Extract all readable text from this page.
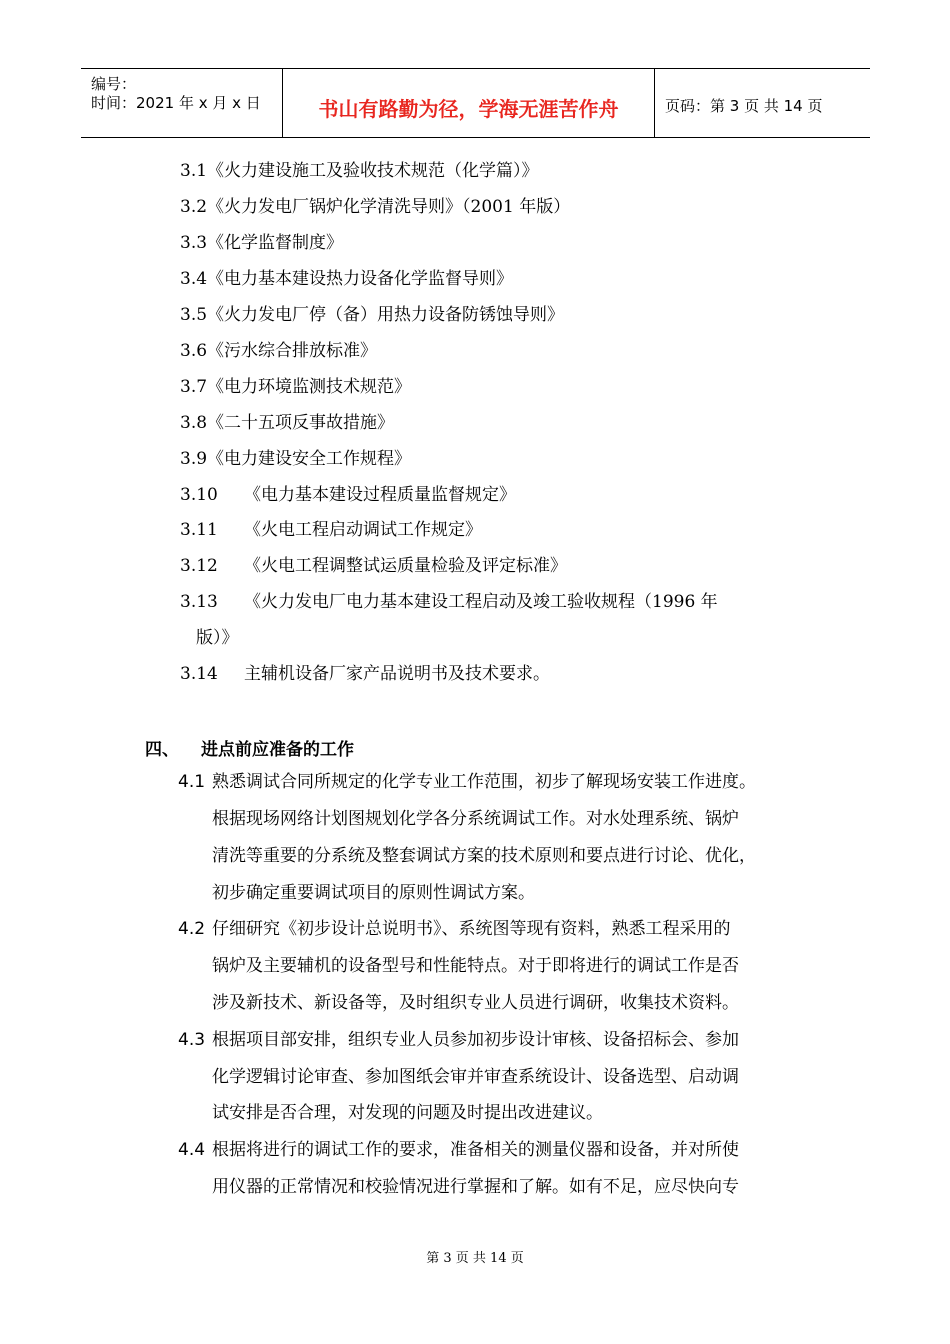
编号：
时间：2021 年 x 月 x 日	书山有路勤为径，学海无涯苦作舟	页码：第 3 页 共 14 页
3.1《火力建设施工及验收技术规范（化学篇）》
3.2《火力发电厂锅炉化学清洗导则》（2001 年版）
3.3《化学监督制度》
3.4《电力基本建设热力设备化学监督导则》
3.5《火力发电厂停（备）用热力设备防锈蚀导则》
3.6《污水综合排放标准》
3.7《电力环境监测技术规范》
3.8《二十五项反事故措施》
3.9《电力建设安全工作规程》
3.10 《电力基本建设过程质量监督规定》
3.11 《火电工程启动调试工作规定》
3.12 《火电工程调整试运质量检验及评定标准》
3.13 《火力发电厂电力基本建设工程启动及竣工验收规程（1996 年
版）》
3.14 主辅机设备厂家产品说明书及技术要求。
四、 进点前应准备的工作
4.1 熟悉调试合同所规定的化学专业工作范围，初步了解现场安装工作进度。
根据现场网络计划图规划化学各分系统调试工作。对水处理系统、锅炉
清洗等重要的分系统及整套调试方案的技术原则和要点进行讨论、优化，
初步确定重要调试项目的原则性调试方案。
4.2 仔细研究《初步设计总说明书》、系统图等现有资料，熟悉工程采用的
锅炉及主要辅机的设备型号和性能特点。对于即将进行的调试工作是否
涉及新技术、新设备等，及时组织专业人员进行调研，收集技术资料。
4.3 根据项目部安排，组织专业人员参加初步设计审核、设备招标会、参加
化学逻辑讨论审查、参加图纸会审并审查系统设计、设备选型、启动调
试安排是否合理，对发现的问题及时提出改进建议。
4.4 根据将进行的调试工作的要求，准备相关的测量仪器和设备，并对所使
用仪器的正常情况和校验情况进行掌握和了解。如有不足，应尽快向专
第 3 页 共 14 页
